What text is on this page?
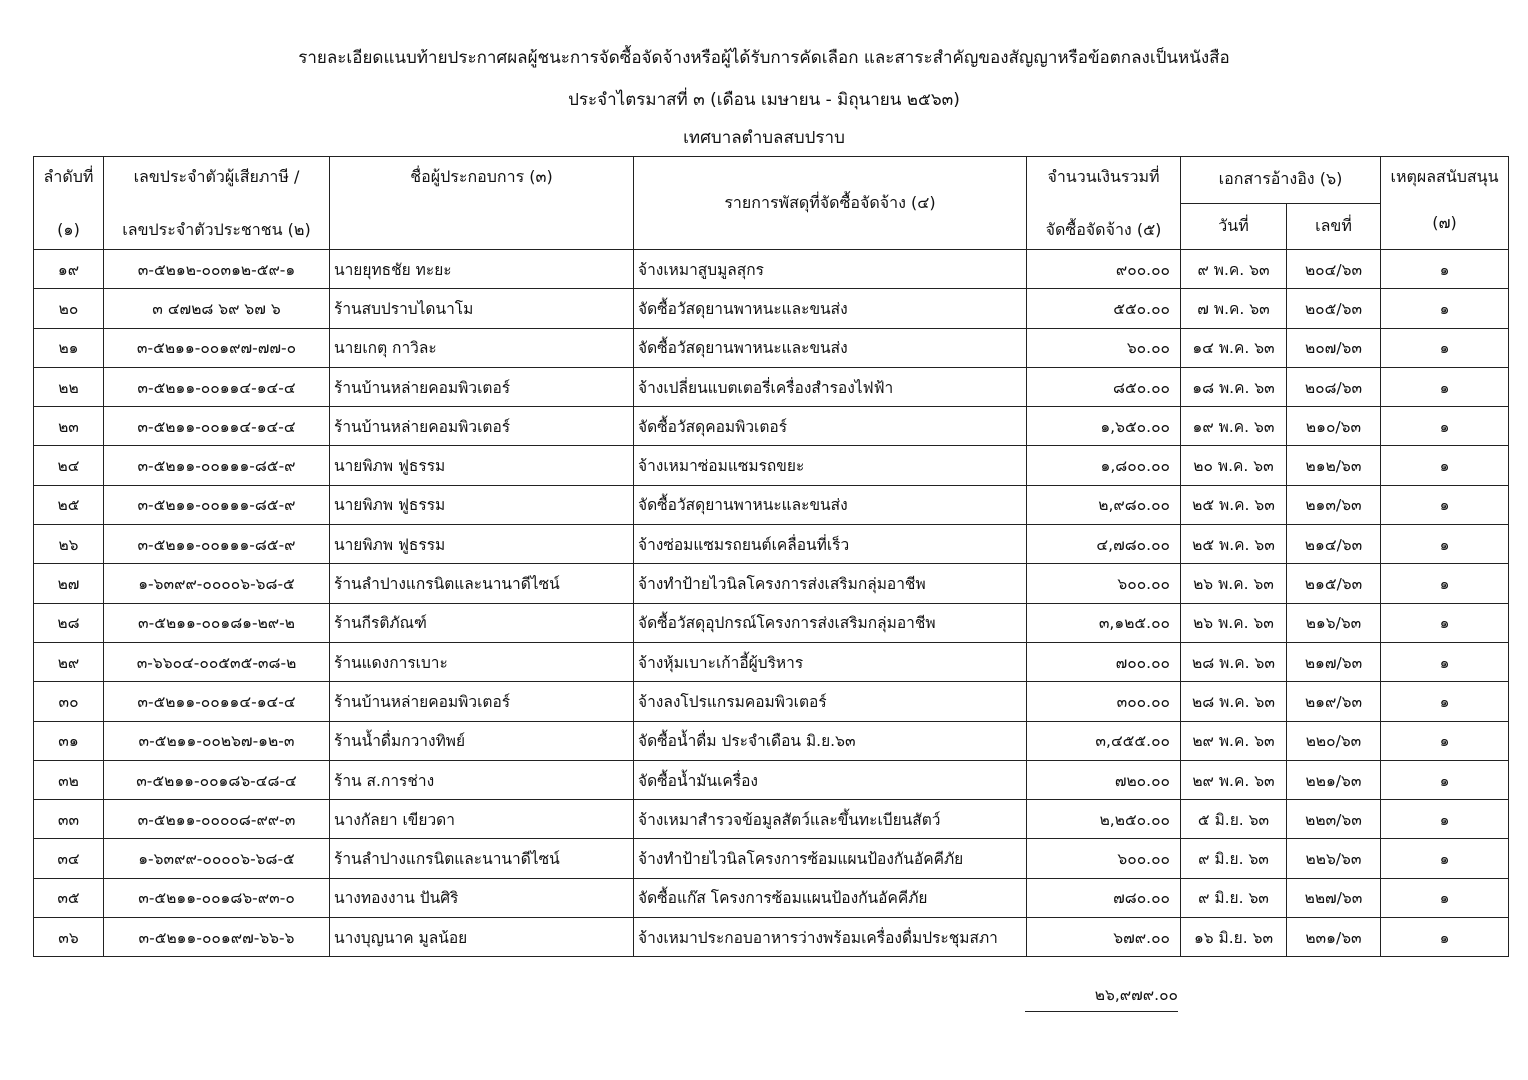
รายละเอียดแนบท้ายประกาศผลผู้ชนะการจัดซื้อจัดจ้างหรือผู้ได้รับการคัดเลือก และสาระสำคัญของสัญญาหรือข้อตกลงเป็นหนังสือ
ประจำไตรมาสที่ ๓ (เดือน เมษายน - มิถุนายน ๒๕๖๓)
เทศบาลตำบลสบปราบ
ลำดับที่	เลขประจำตัวผู้เสียภาษี /	ชื่อผู้ประกอบการ (๓)	รายการพัสดุที่จัดซื้อจัดจ้าง (๔)	จำนวนเงินรวมที่	เอกสารอ้างอิง (๖)		เหตุผลสนับสนุน
(๑)	เลขประจำตัวประชาชน (๒)			จัดซื้อจัดจ้าง (๕)	วันที่	เลขที่	(๗)
๑๙	๓-๕๒๑๒-๐๐๓๑๒-๕๙-๑	นายยุทธชัย ทะยะ	จ้างเหมาสูบมูลสุกร	๙๐๐.๐๐	๙ พ.ค. ๖๓	๒๐๔/๖๓	๑
๒๐	๓ ๔๗๒๘ ๖๙ ๖๗ ๖	ร้านสบปราบไดนาโม	จัดซื้อวัสดุยานพาหนะและขนส่ง	๕๕๐.๐๐	๗ พ.ค. ๖๓	๒๐๕/๖๓	๑
๒๑	๓-๕๒๑๑-๐๐๑๙๗-๗๗-๐	นายเกตุ กาวิละ	จัดซื้อวัสดุยานพาหนะและขนส่ง	๖๐.๐๐	๑๔ พ.ค. ๖๓	๒๐๗/๖๓	๑
๒๒	๓-๕๒๑๑-๐๐๑๑๔-๑๔-๔	ร้านบ้านหล่ายคอมพิวเตอร์	จ้างเปลี่ยนแบตเตอรี่เครื่องสำรองไฟฟ้า	๘๕๐.๐๐	๑๘ พ.ค. ๖๓	๒๐๘/๖๓	๑
๒๓	๓-๕๒๑๑-๐๐๑๑๔-๑๔-๔	ร้านบ้านหล่ายคอมพิวเตอร์	จัดซื้อวัสดุคอมพิวเตอร์	๑,๖๕๐.๐๐	๑๙ พ.ค. ๖๓	๒๑๐/๖๓	๑
๒๔	๓-๕๒๑๑-๐๐๑๑๑-๘๕-๙	นายพิภพ ฟูธรรม	จ้างเหมาซ่อมแซมรถขยะ	๑,๘๐๐.๐๐	๒๐ พ.ค. ๖๓	๒๑๒/๖๓	๑
๒๕	๓-๕๒๑๑-๐๐๑๑๑-๘๕-๙	นายพิภพ ฟูธรรม	จัดซื้อวัสดุยานพาหนะและขนส่ง	๒,๙๘๐.๐๐	๒๕ พ.ค. ๖๓	๒๑๓/๖๓	๑
๒๖	๓-๕๒๑๑-๐๐๑๑๑-๘๕-๙	นายพิภพ ฟูธรรม	จ้างซ่อมแซมรถยนต์เคลื่อนที่เร็ว	๔,๗๘๐.๐๐	๒๕ พ.ค. ๖๓	๒๑๔/๖๓	๑
๒๗	๑-๖๓๙๙-๐๐๐๐๖-๖๘-๕	ร้านลำปางแกรนิตและนานาดีไซน์	จ้างทำป้ายไวนิลโครงการส่งเสริมกลุ่มอาชีพ	๖๐๐.๐๐	๒๖ พ.ค. ๖๓	๒๑๕/๖๓	๑
๒๘	๓-๕๒๑๑-๐๐๑๘๑-๒๙-๒	ร้านกีรติภัณฑ์	จัดซื้อวัสดุอุปกรณ์โครงการส่งเสริมกลุ่มอาชีพ	๓,๑๒๕.๐๐	๒๖ พ.ค. ๖๓	๒๑๖/๖๓	๑
๒๙	๓-๖๖๐๔-๐๐๕๓๕-๓๘-๒	ร้านแดงการเบาะ	จ้างหุ้มเบาะเก้าอี้ผู้บริหาร	๗๐๐.๐๐	๒๘ พ.ค. ๖๓	๒๑๗/๖๓	๑
๓๐	๓-๕๒๑๑-๐๐๑๑๔-๑๔-๔	ร้านบ้านหล่ายคอมพิวเตอร์	จ้างลงโปรแกรมคอมพิวเตอร์	๓๐๐.๐๐	๒๘ พ.ค. ๖๓	๒๑๙/๖๓	๑
๓๑	๓-๕๒๑๑-๐๐๒๖๗-๑๒-๓	ร้านน้ำดื่มกวางทิพย์	จัดซื้อน้ำดื่ม ประจำเดือน มิ.ย.๖๓	๓,๔๕๕.๐๐	๒๙ พ.ค. ๖๓	๒๒๐/๖๓	๑
๓๒	๓-๕๒๑๑-๐๐๑๘๖-๔๘-๔	ร้าน ส.การช่าง	จัดซื้อน้ำมันเครื่อง	๗๒๐.๐๐	๒๙ พ.ค. ๖๓	๒๒๑/๖๓	๑
๓๓	๓-๕๒๑๑-๐๐๐๐๘-๙๙-๓	นางกัลยา เขียวดา	จ้างเหมาสำรวจข้อมูลสัตว์และขึ้นทะเบียนสัตว์	๒,๒๕๐.๐๐	๕ มิ.ย. ๖๓	๒๒๓/๖๓	๑
๓๔	๑-๖๓๙๙-๐๐๐๐๖-๖๘-๕	ร้านลำปางแกรนิตและนานาดีไซน์	จ้างทำป้ายไวนิลโครงการซ้อมแผนป้องกันอัคคีภัย	๖๐๐.๐๐	๙ มิ.ย. ๖๓	๒๒๖/๖๓	๑
๓๕	๓-๕๒๑๑-๐๐๑๘๖-๙๓-๐	นางทองงาน ปันศิริ	จัดซื้อแก๊ส โครงการซ้อมแผนป้องกันอัคคีภัย	๗๘๐.๐๐	๙ มิ.ย. ๖๓	๒๒๗/๖๓	๑
๓๖	๓-๕๒๑๑-๐๐๑๙๗-๖๖-๖	นางบุญนาค มูลน้อย	จ้างเหมาประกอบอาหารว่างพร้อมเครื่องดื่มประชุมสภา	๖๗๙.๐๐	๑๖ มิ.ย. ๖๓	๒๓๑/๖๓	๑
๒๖,๙๗๙.๐๐
